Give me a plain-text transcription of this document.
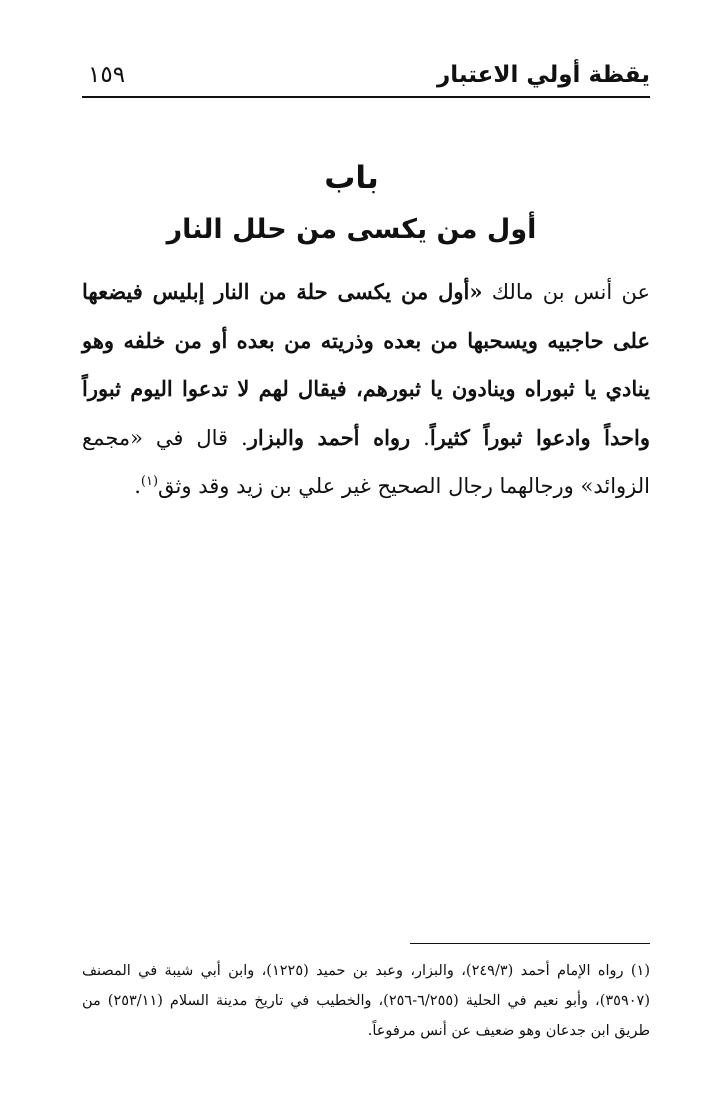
يقظة أولي الاعتبار
١٥٩
باب
أول من يكسى من حلل النار
عن أنس بن مالك «أول من يكسى حلة من النار إبليس فيضعها على حاجبيه ويسحبها من بعده وذريته من بعده أو من خلفه وهو ينادي يا ثبوراه وينادون يا ثبورهم، فيقال لهم لا تدعوا اليوم ثبوراً واحداً وادعوا ثبوراً كثيراً. رواه أحمد والبزار. قال في «مجمع الزوائد» ورجالهما رجال الصحيح غير علي بن زيد وقد وثق$^{(١)}$.
(١) رواه الإمام أحمد (٢٤٩/٣)، والبزار، وعبد بن حميد (١٢٢٥)، وابن أبي شيبة في المصنف (٣٥٩٠٧)، وأبو نعيم في الحلية (٦/٢٥٥-٢٥٦)، والخطيب في تاريخ مدينة السلام (٢٥٣/١١) من طريق ابن جدعان وهو ضعيف عن أنس مرفوعاً.
